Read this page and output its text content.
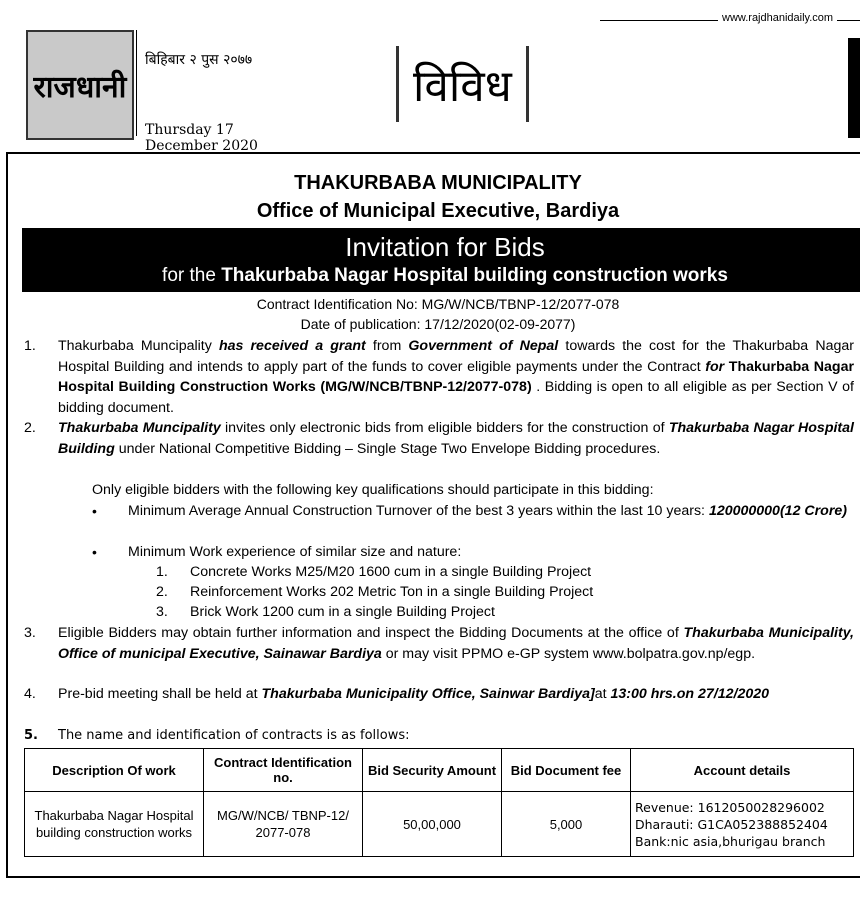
www.rajdhanidaily.com
राजधानी
बिहिबार २ पुस २०७७
Thursday 17 December 2020
विविध
THAKURBABA MUNICIPALITY
Office of Municipal Executive, Bardiya
Invitation for Bids
for the Thakurbaba Nagar Hospital building construction works
Contract Identification No: MG/W/NCB/TBNP-12/2077-078
Date of publication: 17/12/2020(02-09-2077)
1. Thakurbaba Muncipality has received a grant from Government of Nepal towards the cost for the Thakurbaba Nagar Hospital Building and intends to apply part of the funds to cover eligible payments under the Contract for Thakurbaba Nagar Hospital Building Construction Works (MG/W/NCB/TBNP-12/2077-078) . Bidding is open to all eligible as per Section V of bidding document.
2. Thakurbaba Muncipality invites only electronic bids from eligible bidders for the construction of Thakurbaba Nagar Hospital Building under National Competitive Bidding – Single Stage Two Envelope Bidding procedures.
Only eligible bidders with the following key qualifications should participate in this bidding:
• Minimum Average Annual Construction Turnover of the best 3 years within the last 10 years: 120000000(12 Crore)
• Minimum Work experience of similar size and nature:
1. Concrete Works M25/M20 1600 cum in a single Building Project
2. Reinforcement Works 202 Metric Ton in a single Building Project
3. Brick Work 1200 cum in a single Building Project
3. Eligible Bidders may obtain further information and inspect the Bidding Documents at the office of Thakurbaba Municipality, Office of municipal Executive, Sainawar Bardiya or may visit PPMO e-GP system www.bolpatra.gov.np/egp.
4. Pre-bid meeting shall be held at Thakurbaba Municipality Office, Sainwar Bardiya]at 13:00 hrs.on 27/12/2020
5. The name and identification of contracts is as follows:
Description Of work	Contract Identification no.	Bid Security Amount	Bid Document fee	Account details
Thakurbaba Nagar Hospital building construction works	MG/W/NCB/ TBNP-12/ 2077-078	50,00,000	5,000	Revenue: 1612050028296002
Dharauti: G1CA052388852404
Bank:nic asia,bhurigau branch
